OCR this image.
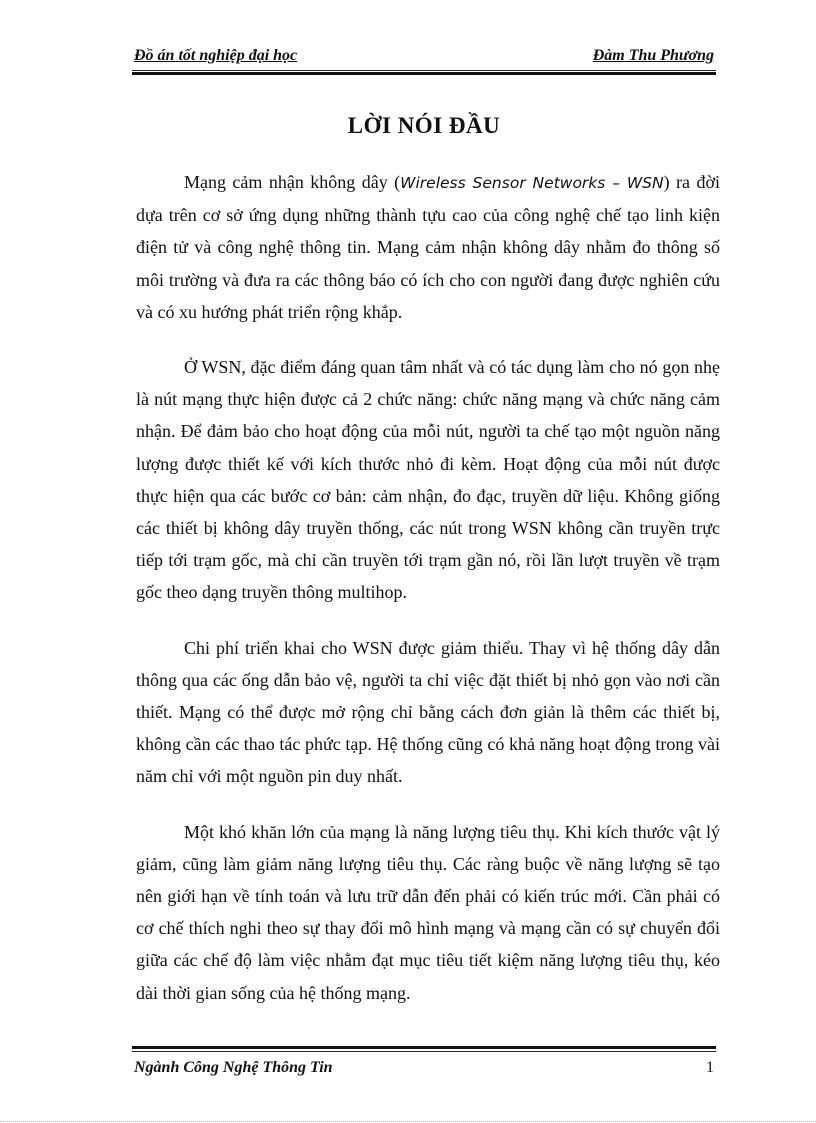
Đồ án tốt nghiệp đại học	Đàm Thu Phương
LỜI NÓI ĐẦU

Mạng cảm nhận không dây (Wireless Sensor Networks – WSN) ra đời dựa trên cơ sở ứng dụng những thành tựu cao của công nghệ chế tạo linh kiện điện tử và công nghệ thông tin. Mạng cảm nhận không dây nhằm đo thông số môi trường và đưa ra các thông báo có ích cho con người đang được nghiên cứu và có xu hướng phát triển rộng khắp.

Ở WSN, đặc điểm đáng quan tâm nhất và có tác dụng làm cho nó gọn nhẹ là nút mạng thực hiện được cả 2 chức năng: chức năng mạng và chức năng cảm nhận. Để đảm bảo cho hoạt động của mỗi nút, người ta chế tạo một nguồn năng lượng được thiết kế với kích thước nhỏ đi kèm. Hoạt động của mỗi nút được thực hiện qua các bước cơ bản: cảm nhận, đo đạc, truyền dữ liệu. Không giống các thiết bị không dây truyền thống, các nút trong WSN không cần truyền trực tiếp tới trạm gốc, mà chỉ cần truyền tới trạm gần nó, rồi lần lượt truyền về trạm gốc theo dạng truyền thông multihop.

Chi phí triển khai cho WSN được giảm thiểu. Thay vì hệ thống dây dẫn thông qua các ống dẫn bảo vệ, người ta chỉ việc đặt thiết bị nhỏ gọn vào nơi cần thiết. Mạng có thể được mở rộng chỉ bằng cách đơn giản là thêm các thiết bị, không cần các thao tác phức tạp. Hệ thống cũng có khả năng hoạt động trong vài năm chỉ với một nguồn pin duy nhất.

Một khó khăn lớn của mạng là năng lượng tiêu thụ. Khi kích thước vật lý giảm, cũng làm giảm năng lượng tiêu thụ. Các ràng buộc về năng lượng sẽ tạo nên giới hạn về tính toán và lưu trữ dẫn đến phải có kiến trúc mới. Cần phải có cơ chế thích nghi theo sự thay đổi mô hình mạng và mạng cần có sự chuyển đổi giữa các chế độ làm việc nhằm đạt mục tiêu tiết kiệm năng lượng tiêu thụ, kéo dài thời gian sống của hệ thống mạng.

Ngành Công Nghệ Thông Tin	1
